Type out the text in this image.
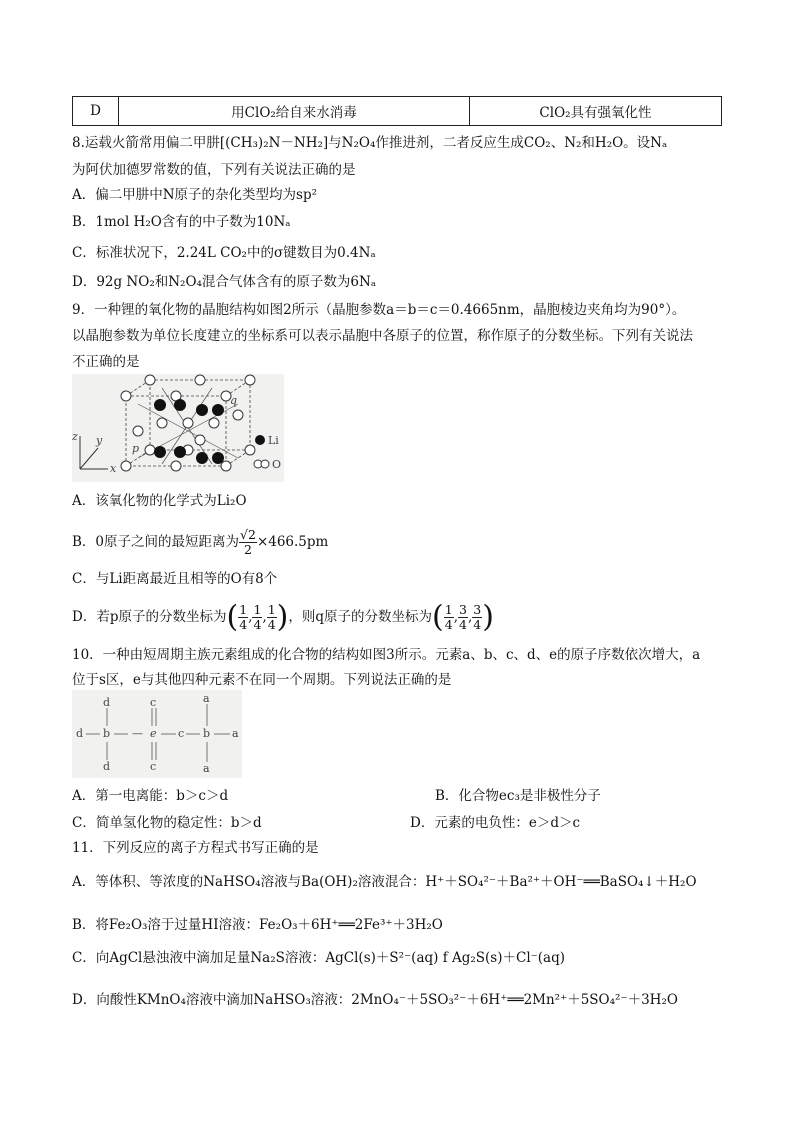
D	用ClO₂给自来水消毒	ClO₂具有强氧化性
8.运载火箭常用偏二甲肼[(CH₃)₂N－NH₂]与N₂O₄作推进剂，二者反应生成CO₂、N₂和H₂O。设Nₐ
为阿伏加德罗常数的值，下列有关说法正确的是
A．偏二甲肼中N原子的杂化类型均为sp²
B．1mol H₂O含有的中子数为10Nₐ
C．标准状况下，2.24L CO₂中的σ键数目为0.4Nₐ
D．92g NO₂和N₂O₄混合气体含有的原子数为6Nₐ
9．一种锂的氧化物的晶胞结构如图2所示（晶胞参数a＝b＝c＝0.4665nm，晶胞棱边夹角均为90°）。
以晶胞参数为单位长度建立的坐标系可以表示晶胞中各原子的位置，称作原子的分数坐标。下列有关说法
不正确的是
z y
x
q
p
Li
O
A．该氧化物的化学式为Li₂O
B．0原子之间的最短距离为 $\frac{√2}{2} \times 466.5pm$
C．与Li距离最近且相等的O有8个
D．若p原子的分数坐标为( $\frac{1}{4}$ , $\frac{1}{4}$ , $\frac{1}{4}$ )，则q原子的分数坐标为( $\frac{1}{4}$ , $\frac{3}{4}$ , $\frac{3}{4}$ )
10．一种由短周期主族元素组成的化合物的结构如图3所示。元素a、b、c、d、e的原子序数依次增大，a
位于s区，e与其他四种元素不在同一个周期。下列说法正确的是
d b
d
d
— e
c
c
c b
a
a
a
A．第一电离能：b＞c＞d	B．化合物ec₃是非极性分子
C．简单氢化物的稳定性：b＞d	D．元素的电负性：e＞d＞c
11．下列反应的离子方程式书写正确的是
A．等体积、等浓度的NaHSO₄溶液与Ba(OH)₂溶液混合：H⁺＋SO₄²⁻＋Ba²⁺＋OH⁻══BaSO₄↓＋H₂O
B．将Fe₂O₃溶于过量HI溶液：Fe₂O₃＋6H⁺══2Fe³⁺＋3H₂O
C．向AgCl悬浊液中滴加足量Na₂S溶液：AgCl(s)＋S²⁻(aq) f Ag₂S(s)＋Cl⁻(aq)
D．向酸性KMnO₄溶液中滴加NaHSO₃溶液：2MnO₄⁻＋5SO₃²⁻＋6H⁺══2Mn²⁺＋5SO₄²⁻＋3H₂O
